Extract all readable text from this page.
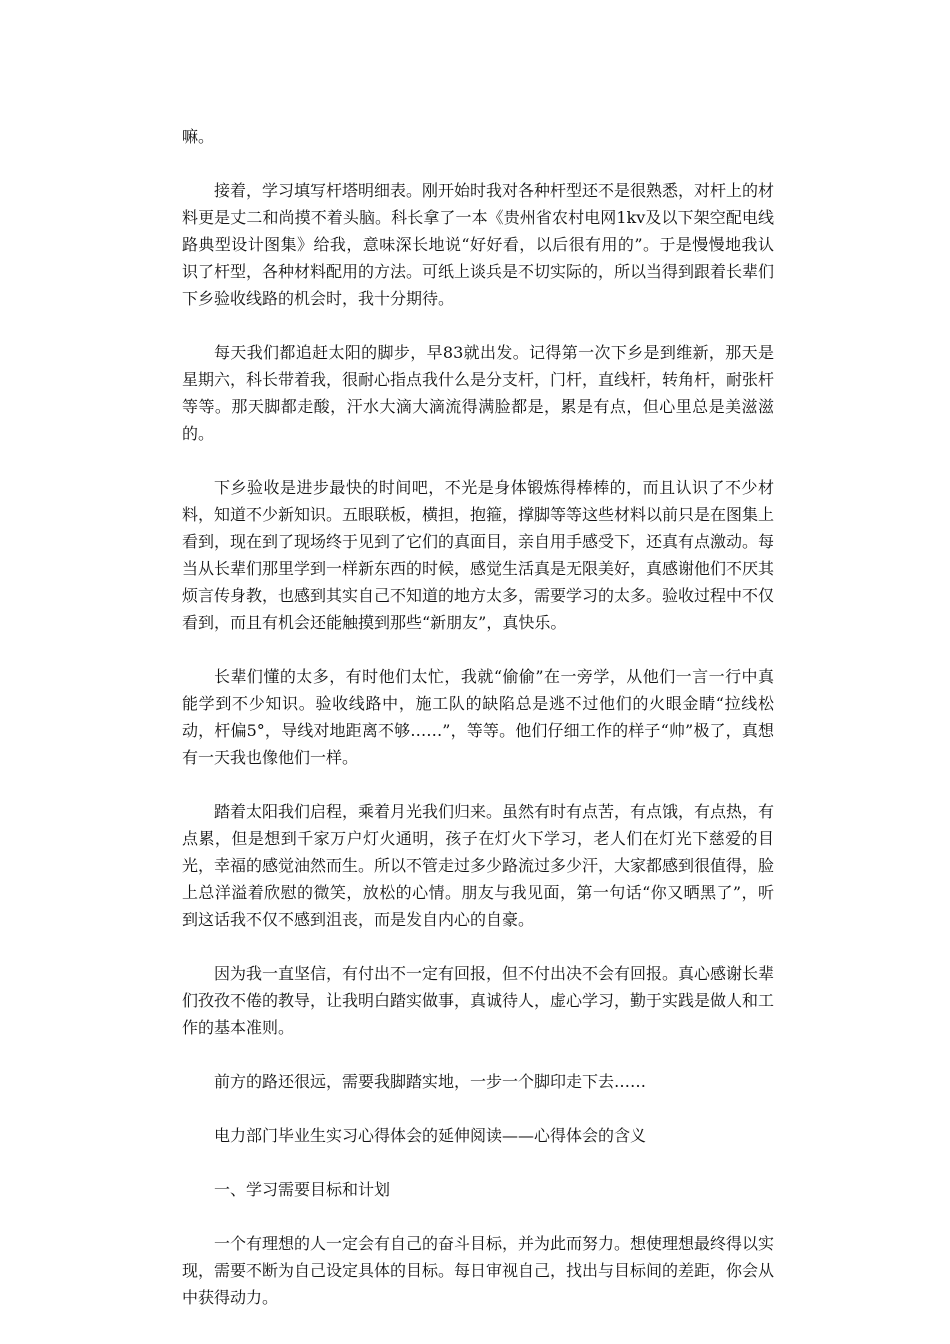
嘛。

接着，学习填写杆塔明细表。刚开始时我对各种杆型还不是很熟悉，对杆上的材料更是丈二和尚摸不着头脑。科长拿了一本《贵州省农村电网1kv及以下架空配电线路典型设计图集》给我，意味深长地说“好好看，以后很有用的”。于是慢慢地我认识了杆型，各种材料配用的方法。可纸上谈兵是不切实际的，所以当得到跟着长辈们下乡验收线路的机会时，我十分期待。

每天我们都追赶太阳的脚步，早83就出发。记得第一次下乡是到维新，那天是星期六，科长带着我，很耐心指点我什么是分支杆，门杆，直线杆，转角杆，耐张杆等等。那天脚都走酸，汗水大滴大滴流得满脸都是，累是有点，但心里总是美滋滋的。

下乡验收是进步最快的时间吧，不光是身体锻炼得棒棒的，而且认识了不少材料，知道不少新知识。五眼联板，横担，抱箍，撑脚等等这些材料以前只是在图集上看到，现在到了现场终于见到了它们的真面目，亲自用手感受下，还真有点激动。每当从长辈们那里学到一样新东西的时候，感觉生活真是无限美好，真感谢他们不厌其烦言传身教，也感到其实自己不知道的地方太多，需要学习的太多。验收过程中不仅看到，而且有机会还能触摸到那些“新朋友”，真快乐。

长辈们懂的太多，有时他们太忙，我就“偷偷”在一旁学，从他们一言一行中真能学到不少知识。验收线路中，施工队的缺陷总是逃不过他们的火眼金睛“拉线松动，杆偏5°，导线对地距离不够……”，等等。他们仔细工作的样子“帅”极了，真想有一天我也像他们一样。

踏着太阳我们启程，乘着月光我们归来。虽然有时有点苦，有点饿，有点热，有点累，但是想到千家万户灯火通明，孩子在灯火下学习，老人们在灯光下慈爱的目光，幸福的感觉油然而生。所以不管走过多少路流过多少汗，大家都感到很值得，脸上总洋溢着欣慰的微笑，放松的心情。朋友与我见面，第一句话“你又晒黑了”，听到这话我不仅不感到沮丧，而是发自内心的自豪。

因为我一直坚信，有付出不一定有回报，但不付出决不会有回报。真心感谢长辈们孜孜不倦的教导，让我明白踏实做事，真诚待人，虚心学习，勤于实践是做人和工作的基本准则。

前方的路还很远，需要我脚踏实地，一步一个脚印走下去……

电力部门毕业生实习心得体会的延伸阅读——心得体会的含义

一、学习需要目标和计划

一个有理想的人一定会有自己的奋斗目标，并为此而努力。想使理想最终得以实现，需要不断为自己设定具体的目标。每日审视自己，找出与目标间的差距，你会从中获得动力。
